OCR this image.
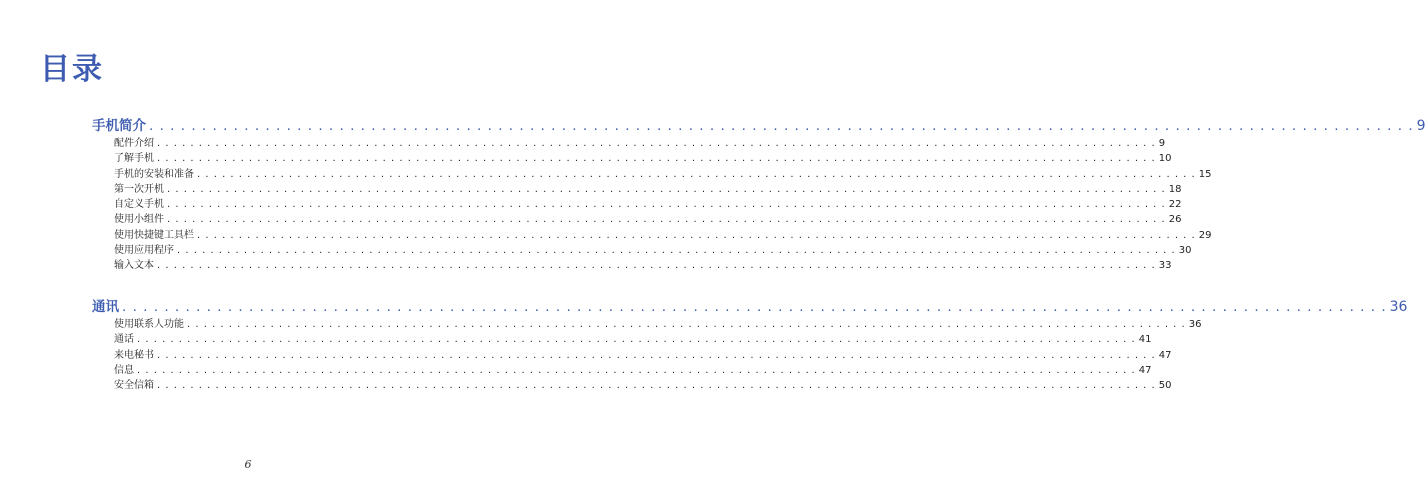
目录
手机简介 . . . . . . . . . . . . . . . . . . . . . . . . . . . . . . . . . . . . . . . . . . . . . . . . . . . . . . . . . . . . . . . . . . . . . . . . . . . . . . . . . . . . . . . . . . . . . . . . . . . . . . . . . . . . . . . . . . . . . . . . 9
配件介绍 . . . . . . . . . . . . . . . . . . . . . . . . . . . . . . . . . . . . . . . . . . . . . . . . . . . . . . . . . . . . . . . . . . . . . . . . . . . . . . . . . . . . . . . . . . . . . . . . . . . . . . . . . . . . . . . . . . . . . . . . 9
了解手机 . . . . . . . . . . . . . . . . . . . . . . . . . . . . . . . . . . . . . . . . . . . . . . . . . . . . . . . . . . . . . . . . . . . . . . . . . . . . . . . . . . . . . . . . . . . . . . . . . . . . . . . . . . . . . . . . . . . . . . . . 10
手机的安装和准备 . . . . . . . . . . . . . . . . . . . . . . . . . . . . . . . . . . . . . . . . . . . . . . . . . . . . . . . . . . . . . . . . . . . . . . . . . . . . . . . . . . . . . . . . . . . . . . . . . . . . . . . . . . . . . . . . . . . . . . . . 15
第一次开机 . . . . . . . . . . . . . . . . . . . . . . . . . . . . . . . . . . . . . . . . . . . . . . . . . . . . . . . . . . . . . . . . . . . . . . . . . . . . . . . . . . . . . . . . . . . . . . . . . . . . . . . . . . . . . . . . . . . . . . . . 18
自定义手机 . . . . . . . . . . . . . . . . . . . . . . . . . . . . . . . . . . . . . . . . . . . . . . . . . . . . . . . . . . . . . . . . . . . . . . . . . . . . . . . . . . . . . . . . . . . . . . . . . . . . . . . . . . . . . . . . . . . . . . . . 22
使用小组件 . . . . . . . . . . . . . . . . . . . . . . . . . . . . . . . . . . . . . . . . . . . . . . . . . . . . . . . . . . . . . . . . . . . . . . . . . . . . . . . . . . . . . . . . . . . . . . . . . . . . . . . . . . . . . . . . . . . . . . . . 26
使用快捷键工具栏 . . . . . . . . . . . . . . . . . . . . . . . . . . . . . . . . . . . . . . . . . . . . . . . . . . . . . . . . . . . . . . . . . . . . . . . . . . . . . . . . . . . . . . . . . . . . . . . . . . . . . . . . . . . . . . . . . . . . . . . . 29
使用应用程序 . . . . . . . . . . . . . . . . . . . . . . . . . . . . . . . . . . . . . . . . . . . . . . . . . . . . . . . . . . . . . . . . . . . . . . . . . . . . . . . . . . . . . . . . . . . . . . . . . . . . . . . . . . . . . . . . . . . . . . . . 30
输入文本 . . . . . . . . . . . . . . . . . . . . . . . . . . . . . . . . . . . . . . . . . . . . . . . . . . . . . . . . . . . . . . . . . . . . . . . . . . . . . . . . . . . . . . . . . . . . . . . . . . . . . . . . . . . . . . . . . . . . . . . . 33
通讯 . . . . . . . . . . . . . . . . . . . . . . . . . . . . . . . . . . . . . . . . . . . . . . . . . . . . . . . . . . . . . . . . . . . . . . . . . . . . . . . . . . . . . . . . . . . . . . . . . . . . . . . . . . . . . . . . . . . . . . . . 36
使用联系人功能 . . . . . . . . . . . . . . . . . . . . . . . . . . . . . . . . . . . . . . . . . . . . . . . . . . . . . . . . . . . . . . . . . . . . . . . . . . . . . . . . . . . . . . . . . . . . . . . . . . . . . . . . . . . . . . . . . . . . . . . . 36
通话 . . . . . . . . . . . . . . . . . . . . . . . . . . . . . . . . . . . . . . . . . . . . . . . . . . . . . . . . . . . . . . . . . . . . . . . . . . . . . . . . . . . . . . . . . . . . . . . . . . . . . . . . . . . . . . . . . . . . . . . . 41
来电秘书 . . . . . . . . . . . . . . . . . . . . . . . . . . . . . . . . . . . . . . . . . . . . . . . . . . . . . . . . . . . . . . . . . . . . . . . . . . . . . . . . . . . . . . . . . . . . . . . . . . . . . . . . . . . . . . . . . . . . . . . . 47
信息 . . . . . . . . . . . . . . . . . . . . . . . . . . . . . . . . . . . . . . . . . . . . . . . . . . . . . . . . . . . . . . . . . . . . . . . . . . . . . . . . . . . . . . . . . . . . . . . . . . . . . . . . . . . . . . . . . . . . . . . . 47
安全信箱 . . . . . . . . . . . . . . . . . . . . . . . . . . . . . . . . . . . . . . . . . . . . . . . . . . . . . . . . . . . . . . . . . . . . . . . . . . . . . . . . . . . . . . . . . . . . . . . . . . . . . . . . . . . . . . . . . . . . . . . . 50
6
